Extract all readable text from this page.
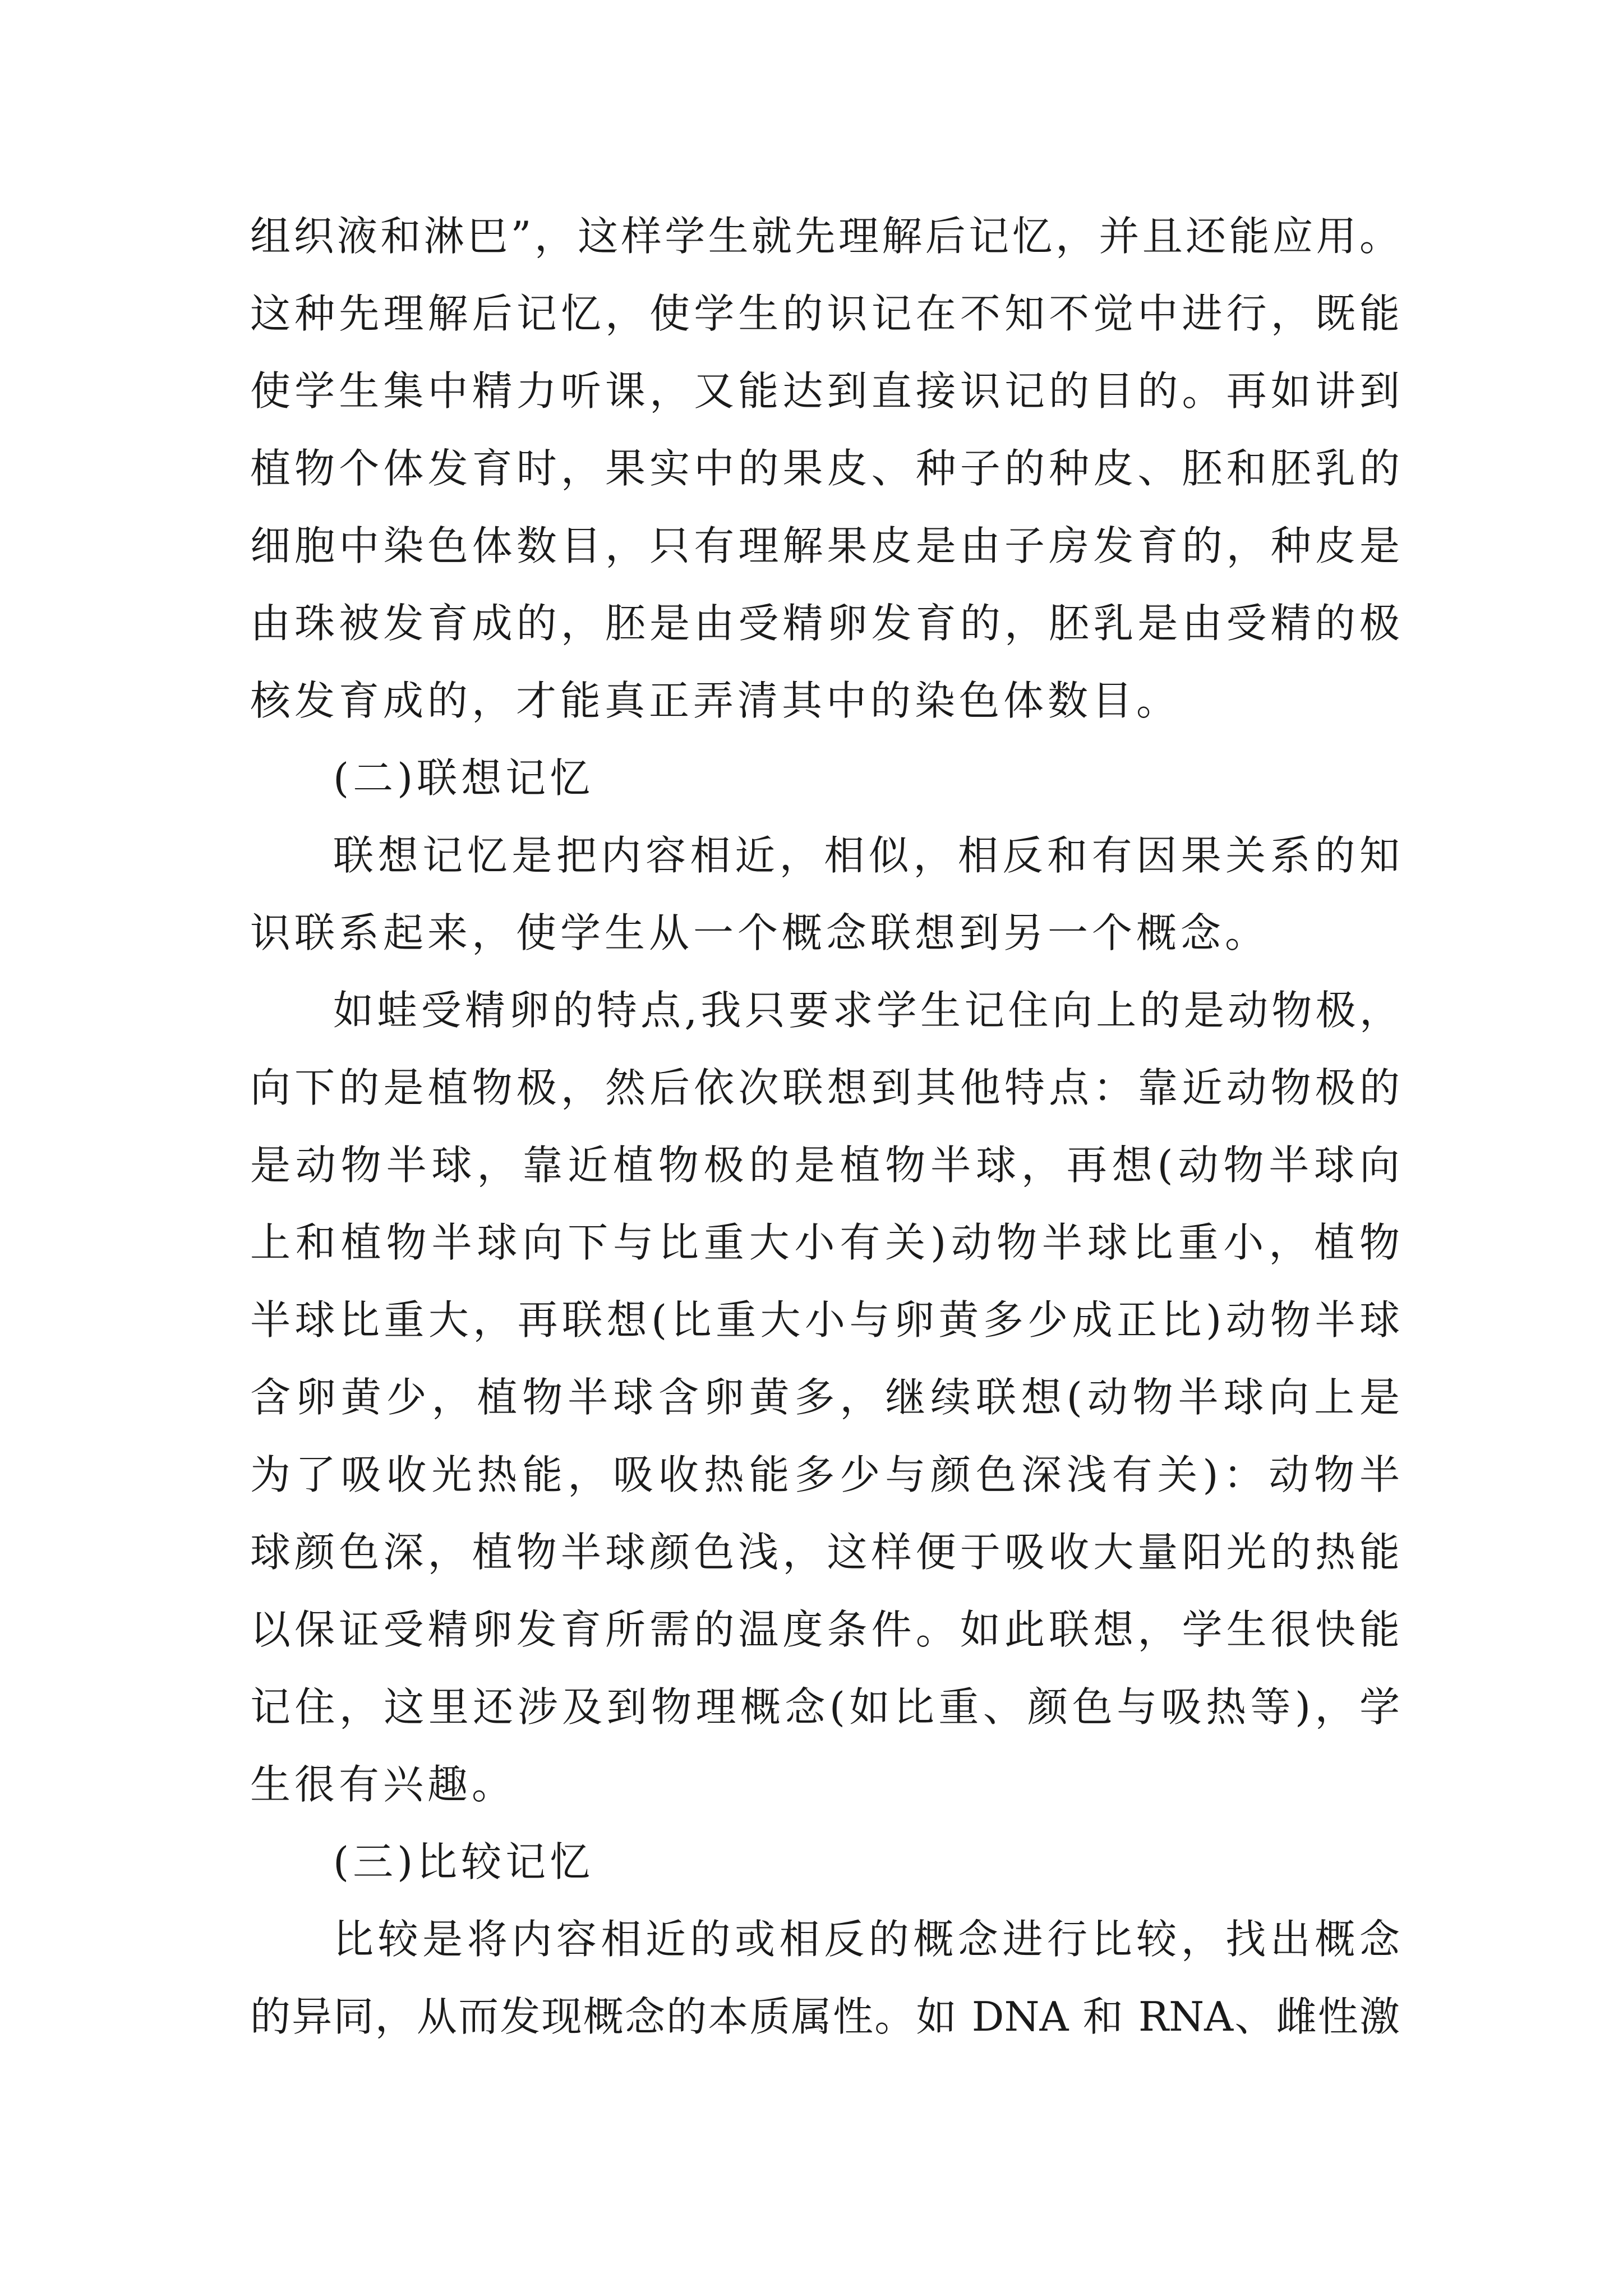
组织液和淋巴”，这样学生就先理解后记忆，并且还能应用。
这种先理解后记忆，使学生的识记在不知不觉中进行，既能
使学生集中精力听课，又能达到直接识记的目的。再如讲到
植物个体发育时，果实中的果皮、种子的种皮、胚和胚乳的
细胞中染色体数目，只有理解果皮是由子房发育的，种皮是
由珠被发育成的，胚是由受精卵发育的，胚乳是由受精的极
核发育成的，才能真正弄清其中的染色体数目。
(二)联想记忆
联想记忆是把内容相近，相似，相反和有因果关系的知
识联系起来，使学生从一个概念联想到另一个概念。
如蛙受精卵的特点,我只要求学生记住向上的是动物极，
向下的是植物极，然后依次联想到其他特点：靠近动物极的
是动物半球，靠近植物极的是植物半球，再想(动物半球向
上和植物半球向下与比重大小有关)动物半球比重小，植物
半球比重大，再联想(比重大小与卵黄多少成正比)动物半球
含卵黄少，植物半球含卵黄多，继续联想(动物半球向上是
为了吸收光热能，吸收热能多少与颜色深浅有关)：动物半
球颜色深，植物半球颜色浅，这样便于吸收大量阳光的热能
以保证受精卵发育所需的温度条件。如此联想，学生很快能
记住，这里还涉及到物理概念(如比重、颜色与吸热等)，学
生很有兴趣。
(三)比较记忆
比较是将内容相近的或相反的概念进行比较，找出概念
的异同，从而发现概念的本质属性。如 DNA 和 RNA、雌性激
